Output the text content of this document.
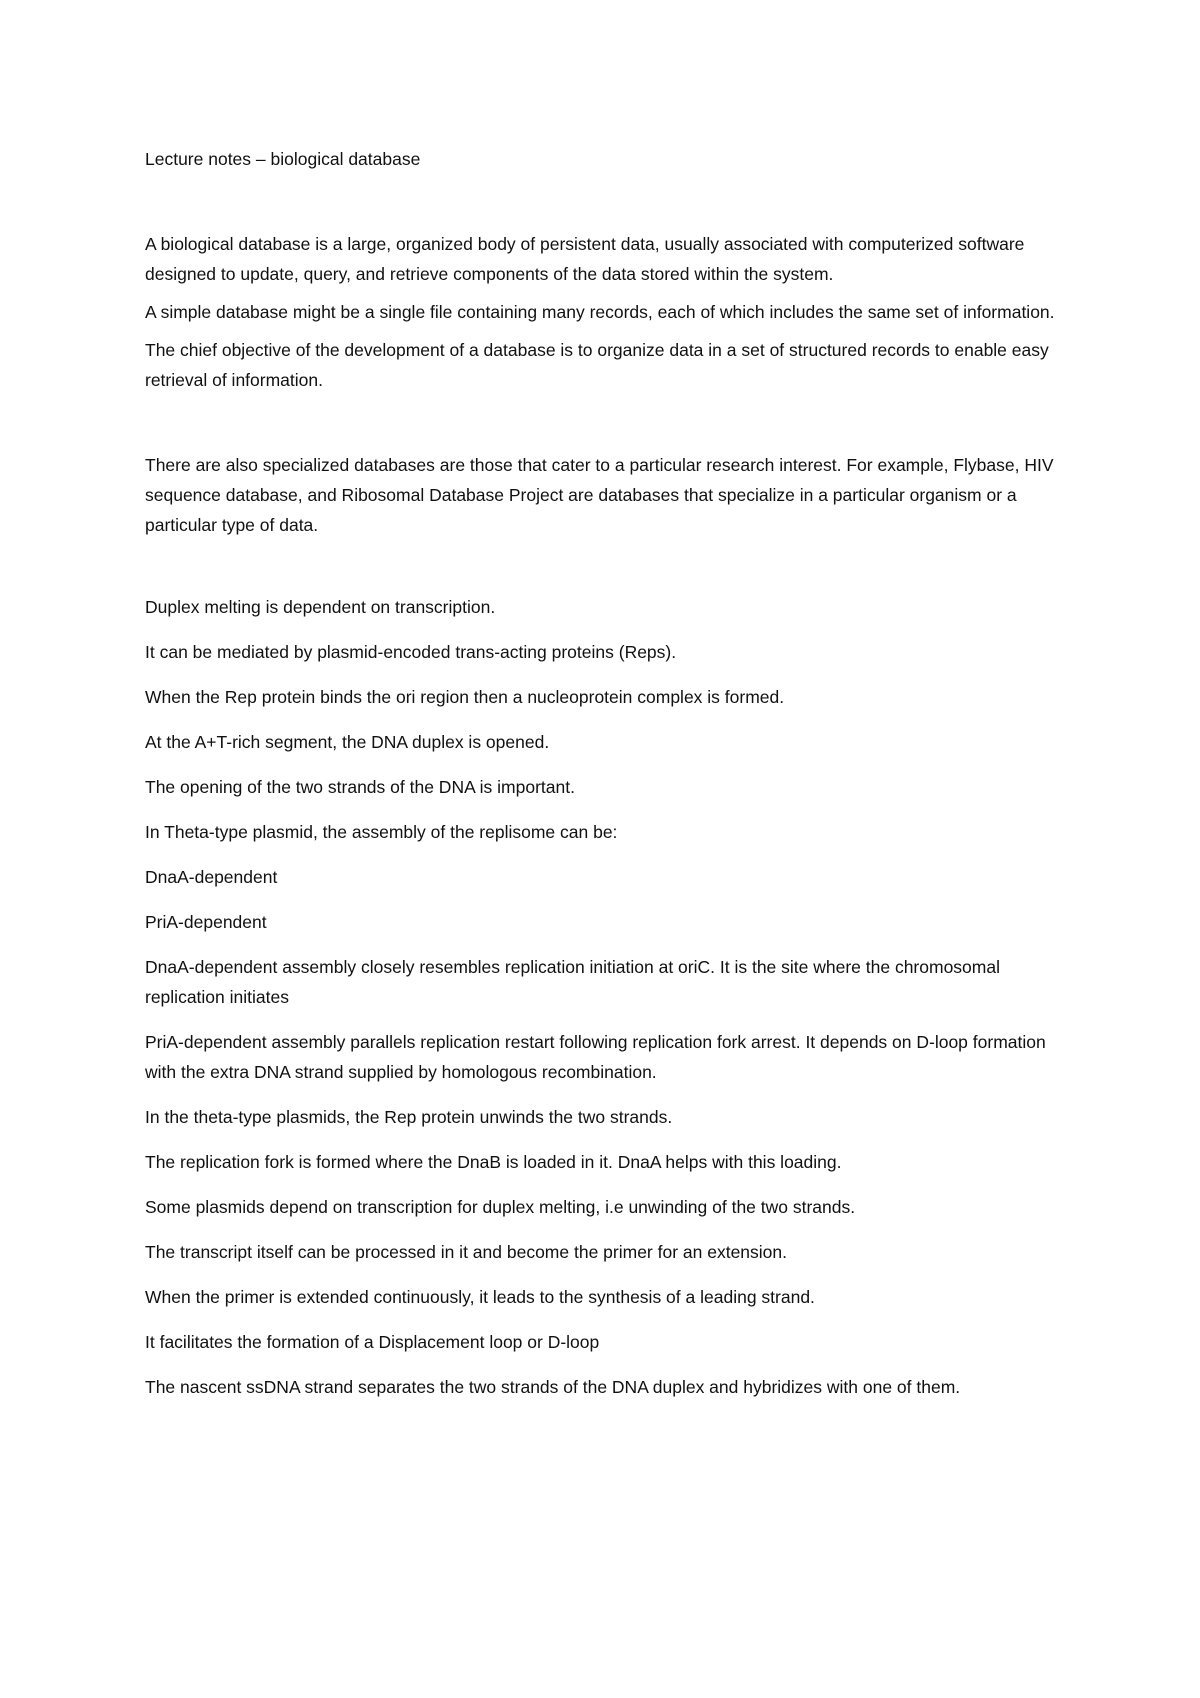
Lecture notes – biological database

A biological database is a large, organized body of persistent data, usually associated with computerized software designed to update, query, and retrieve components of the data stored within the system.

A simple database might be a single file containing many records, each of which includes the same set of information.

The chief objective of the development of a database is to organize data in a set of structured records to enable easy retrieval of information.

There are also specialized databases are those that cater to a particular research interest. For example, Flybase, HIV sequence database, and Ribosomal Database Project are databases that specialize in a particular organism or a particular type of data.

Duplex melting is dependent on transcription.

It can be mediated by plasmid-encoded trans-acting proteins (Reps).

When the Rep protein binds the ori region then a nucleoprotein complex is formed.

At the A+T-rich segment, the DNA duplex is opened.

The opening of the two strands of the DNA is important.

In Theta-type plasmid, the assembly of the replisome can be:

DnaA-dependent

PriA-dependent

DnaA-dependent assembly closely resembles replication initiation at oriC. It is the site where the chromosomal replication initiates

PriA-dependent assembly parallels replication restart following replication fork arrest. It depends on D-loop formation with the extra DNA strand supplied by homologous recombination.

In the theta-type plasmids, the Rep protein unwinds the two strands.

The replication fork is formed where the DnaB is loaded in it. DnaA helps with this loading.

Some plasmids depend on transcription for duplex melting, i.e unwinding of the two strands.

The transcript itself can be processed in it and become the primer for an extension.

When the primer is extended continuously, it leads to the synthesis of a leading strand.

It facilitates the formation of a Displacement loop or D-loop

The nascent ssDNA strand separates the two strands of the DNA duplex and hybridizes with one of them.
